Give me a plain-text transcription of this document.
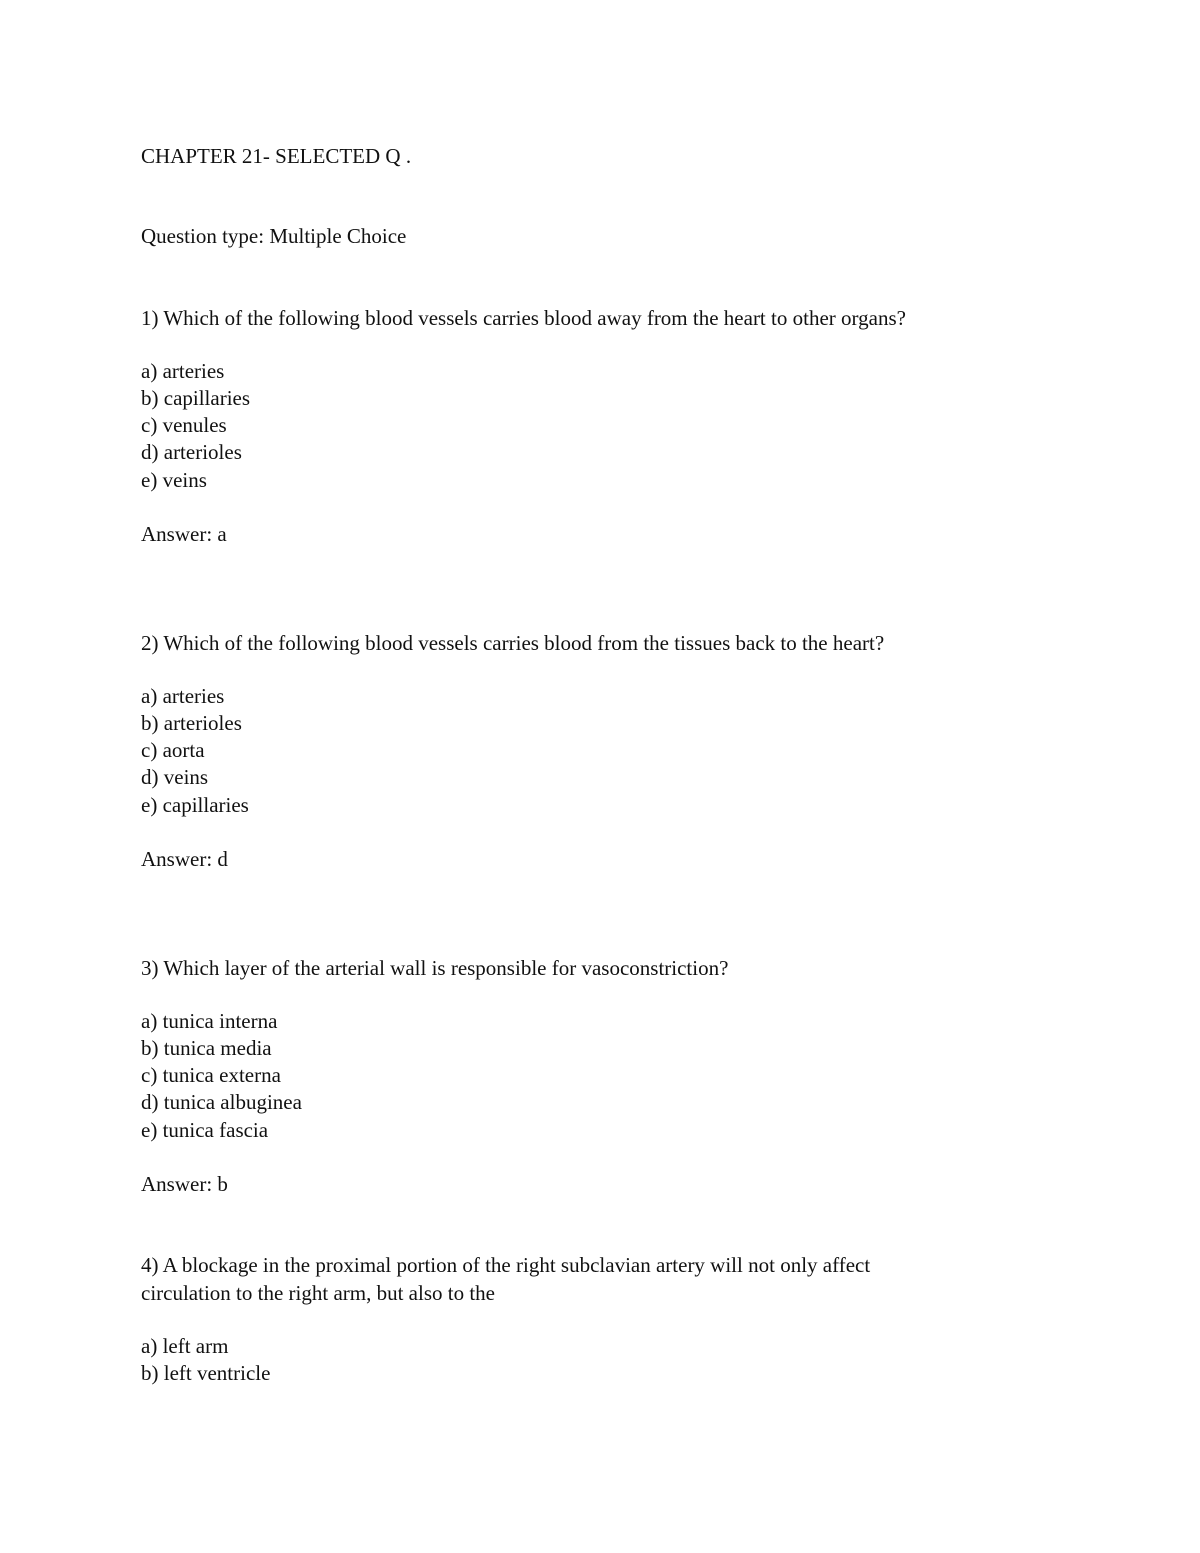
CHAPTER 21- SELECTED Q .

Question type: Multiple Choice

1) Which of the following blood vessels carries blood away from the heart to other organs?

a) arteries

b) capillaries

c) venules

d) arterioles

e) veins

Answer: a

2) Which of the following blood vessels carries blood from the tissues back to the heart?

a) arteries

b) arterioles

c) aorta

d) veins

e) capillaries

Answer: d

3) Which layer of the arterial wall is responsible for vasoconstriction?

a) tunica interna

b) tunica media

c) tunica externa

d) tunica albuginea

e) tunica fascia

Answer: b

4) A blockage in the proximal portion of the right subclavian artery will not only affect

circulation to the right arm, but also to the

a) left arm

b) left ventricle
